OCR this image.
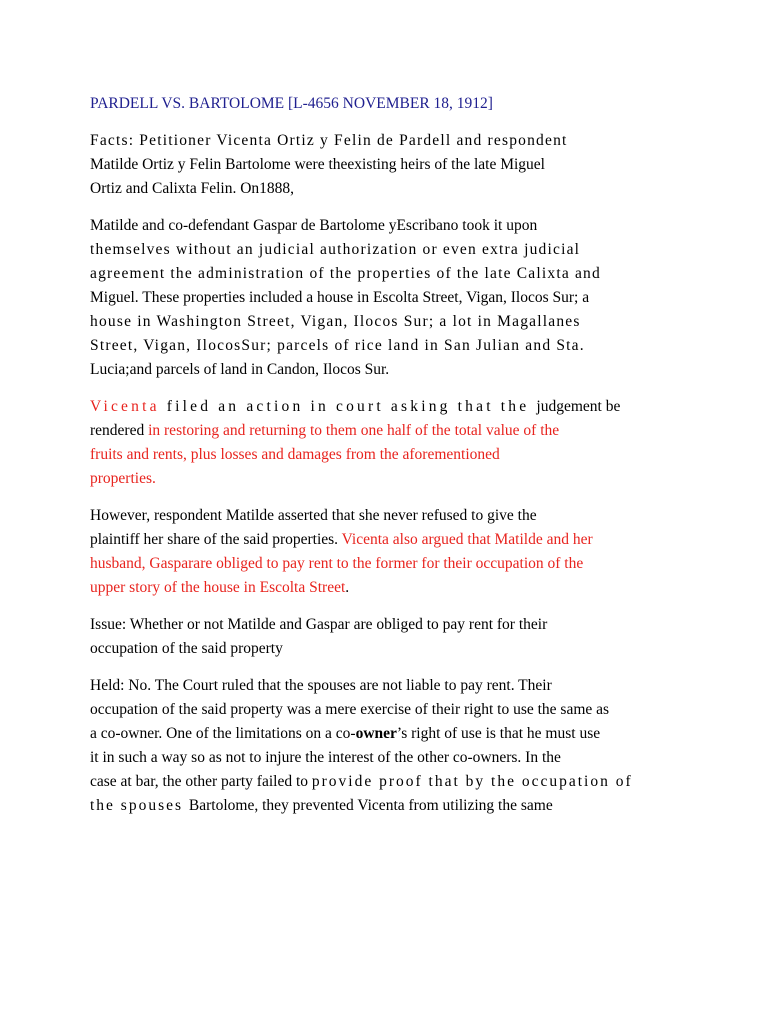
PARDELL VS. BARTOLOME [L-4656 NOVEMBER 18, 1912]
Facts: Petitioner Vicenta Ortiz y Felin de Pardell and respondent
Matilde Ortiz y Felin Bartolome were theexisting heirs of the late Miguel
Ortiz and Calixta Felin. On1888,
Matilde and co-defendant Gaspar de Bartolome yEscribano took it upon
themselves without an judicial authorization or even extra judicial
agreement the administration of the properties of the late Calixta and
Miguel. These properties included a house in Escolta Street, Vigan, Ilocos Sur; a
house in Washington Street, Vigan, Ilocos Sur; a lot in Magallanes
Street, Vigan, IlocosSur; parcels of rice land in San Julian and Sta.
Lucia;and parcels of land in Candon, Ilocos Sur.
Vicenta filed an action in court asking that the judgement be
rendered in restoring and returning to them one half of the total value of the
fruits and rents, plus losses and damages from the aforementioned
properties.
However, respondent Matilde asserted that she never refused to give the
plaintiff her share of the said properties. Vicenta also argued that Matilde and her
husband, Gasparare obliged to pay rent to the former for their occupation of the
upper story of the house in Escolta Street.
Issue: Whether or not Matilde and Gaspar are obliged to pay rent for their
occupation of the said property
Held: No. The Court ruled that the spouses are not liable to pay rent. Their
occupation of the said property was a mere exercise of their right to use the same as
a co-owner. One of the limitations on a co-owner’s right of use is that he must use
it in such a way so as not to injure the interest of the other co-owners. In the
case at bar, the other party failed to provide proof that by the occupation of
the spouses Bartolome, they prevented Vicenta from utilizing the same
